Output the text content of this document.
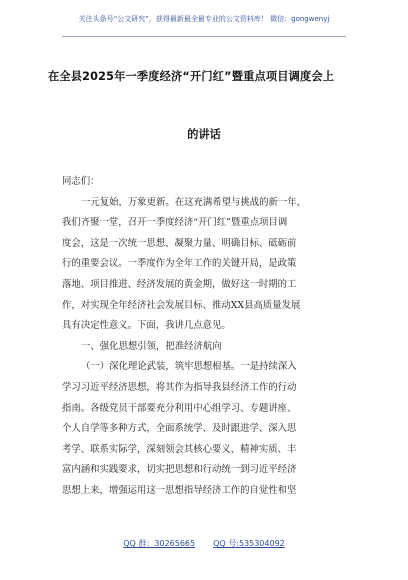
关注头条号“公文研究”，获得最新最全最专业的公文资料库！ 微信：gongwenyj
在全县2025年一季度经济“开门红”暨重点项目调度会上
的讲话
同志们：
一元复始，万象更新。在这充满希望与挑战的新一年，
我们齐聚一堂，召开一季度经济“开门红”暨重点项目调
度会，这是一次统一思想、凝聚力量、明确目标、砥砺前
行的重要会议。一季度作为全年工作的关键开局，是政策
落地、项目推进、经济发展的黄金期，做好这一时期的工
作，对实现全年经济社会发展目标、推动XX县高质量发展
具有决定性意义。下面，我讲几点意见。
一、强化思想引领，把准经济航向
（一）深化理论武装，筑牢思想根基。一是持续深入
学习习近平经济思想，将其作为指导我县经济工作的行动
指南。各级党员干部要充分利用中心组学习、专题讲座、
个人自学等多种方式，全面系统学、及时跟进学、深入思
考学、联系实际学，深刻领会其核心要义、精神实质、丰
富内涵和实践要求，切实把思想和行动统一到习近平经济
思想上来，增强运用这一思想指导经济工作的自觉性和坚
QQ 群：30265665 QQ 号:535304092
